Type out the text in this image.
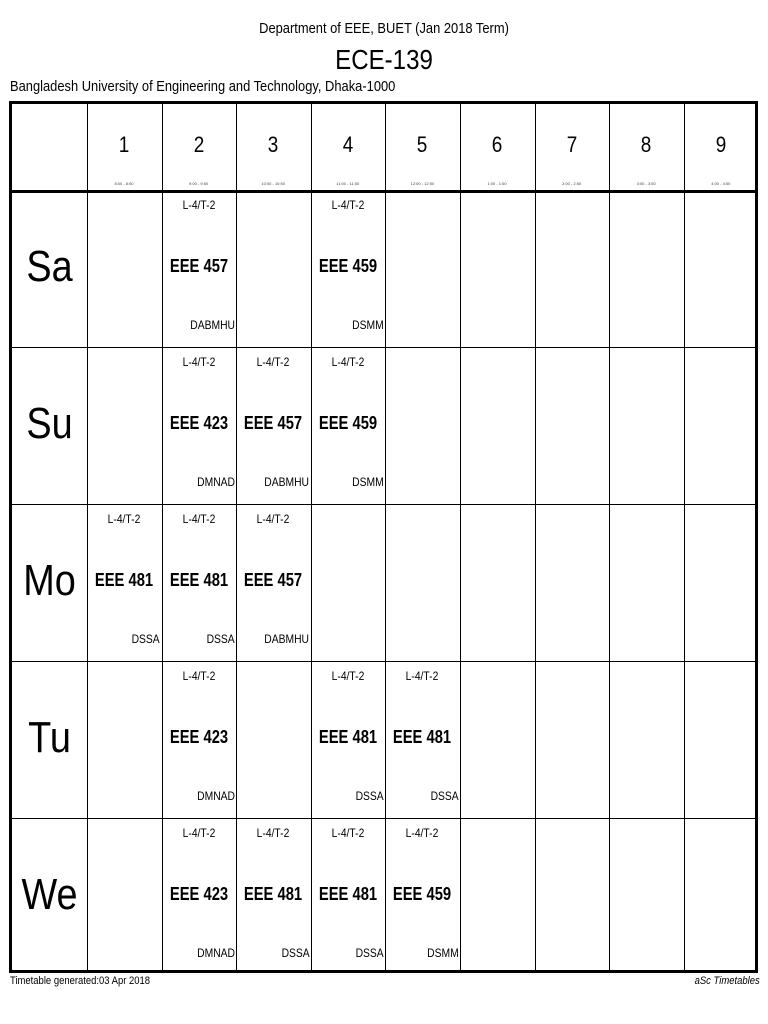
Department of EEE, BUET (Jan 2018 Term)
ECE-139
Bangladesh University of Engineering and Technology, Dhaka-1000
1
8:00 - 8:50
2
9:00 - 9:50
3
10:00 - 10:50
4
11:00 - 11:50
5
12:00 - 12:50
6
1:00 - 1:50
7
2:00 - 2:50
8
3:00 - 3:50
9
4:00 - 4:50
Sa
L-4/T-2
EEE 457
DABMHU
L-4/T-2
EEE 459
DSMM
Su
L-4/T-2
EEE 423
DMNAD
L-4/T-2
EEE 457
DABMHU
L-4/T-2
EEE 459
DSMM
Mo
L-4/T-2
EEE 481
DSSA
L-4/T-2
EEE 481
DSSA
L-4/T-2
EEE 457
DABMHU
Tu
L-4/T-2
EEE 423
DMNAD
L-4/T-2
EEE 481
DSSA
L-4/T-2
EEE 481
DSSA
We
L-4/T-2
EEE 423
DMNAD
L-4/T-2
EEE 481
DSSA
L-4/T-2
EEE 481
DSSA
L-4/T-2
EEE 459
DSMM
Timetable generated:03 Apr 2018	aSc Timetables
